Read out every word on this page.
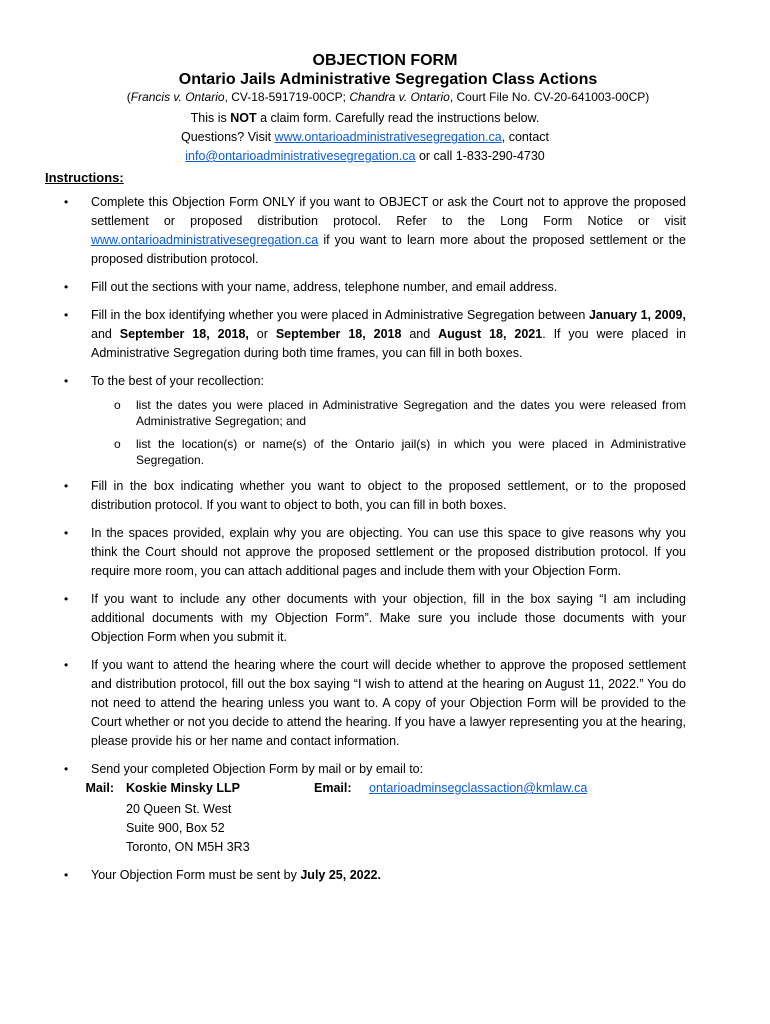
OBJECTION FORM
Ontario Jails Administrative Segregation Class Actions
(Francis v. Ontario, CV-18-591719-00CP; Chandra v. Ontario, Court File No. CV-20-641003-00CP)
This is NOT a claim form. Carefully read the instructions below.
Questions? Visit www.ontarioadministrativesegregation.ca, contact
info@ontarioadministrativesegregation.ca or call 1-833-290-4730
Instructions:
• Complete this Objection Form ONLY if you want to OBJECT or ask the Court not to approve the proposed settlement or proposed distribution protocol. Refer to the Long Form Notice or visit www.ontarioadministrativesegregation.ca if you want to learn more about the proposed settlement or the proposed distribution protocol.
• Fill out the sections with your name, address, telephone number, and email address.
• Fill in the box identifying whether you were placed in Administrative Segregation between January 1, 2009, and September 18, 2018, or September 18, 2018 and August 18, 2021. If you were placed in Administrative Segregation during both time frames, you can fill in both boxes.
• To the best of your recollection:
o list the dates you were placed in Administrative Segregation and the dates you were released from Administrative Segregation; and
o list the location(s) or name(s) of the Ontario jail(s) in which you were placed in Administrative Segregation.
• Fill in the box indicating whether you want to object to the proposed settlement, or to the proposed distribution protocol. If you want to object to both, you can fill in both boxes.
• In the spaces provided, explain why you are objecting. You can use this space to give reasons why you think the Court should not approve the proposed settlement or the proposed distribution protocol. If you require more room, you can attach additional pages and include them with your Objection Form.
• If you want to include any other documents with your objection, fill in the box saying “I am including additional documents with my Objection Form”. Make sure you include those documents with your Objection Form when you submit it.
• If you want to attend the hearing where the court will decide whether to approve the proposed settlement and distribution protocol, fill out the box saying “I wish to attend at the hearing on August 11, 2022.” You do not need to attend the hearing unless you want to. A copy of your Objection Form will be provided to the Court whether or not you decide to attend the hearing. If you have a lawyer representing you at the hearing, please provide his or her name and contact information.
• Send your completed Objection Form by mail or by email to:
Mail: Koskie Minsky LLP	Email:	ontarioadminsegclassaction@kmlaw.ca
20 Queen St. West
Suite 900, Box 52
Toronto, ON M5H 3R3
• Your Objection Form must be sent by July 25, 2022.
